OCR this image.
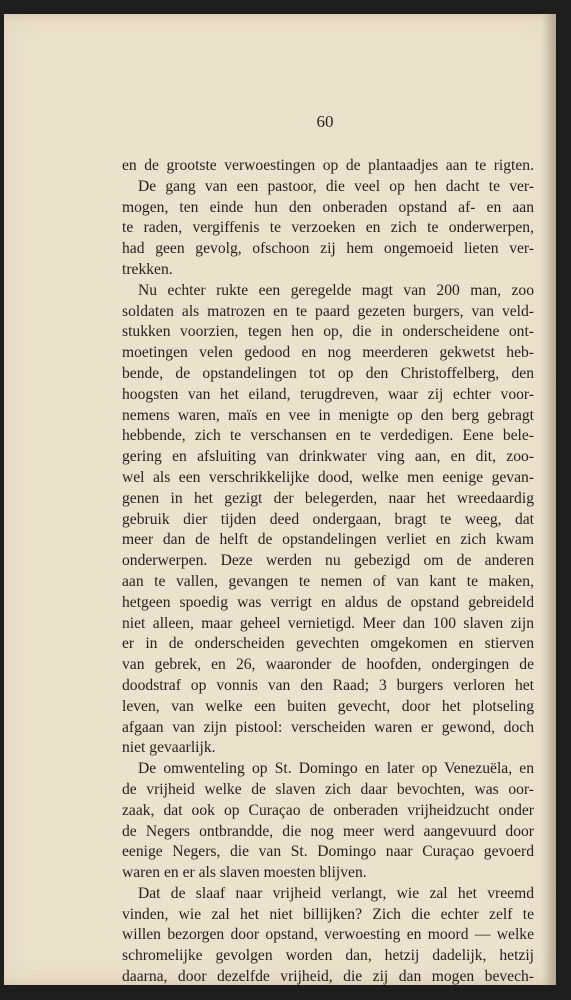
60
en de grootste verwoestingen op de plantaadjes aan te rigten.
De gang van een pastoor, die veel op hen dacht te ver-
mogen, ten einde hun den onberaden opstand af- en aan
te raden, vergiffenis te verzoeken en zich te onderwerpen,
had geen gevolg, ofschoon zij hem ongemoeid lieten ver-
trekken.
Nu echter rukte een geregelde magt van 200 man, zoo
soldaten als matrozen en te paard gezeten burgers, van veld-
stukken voorzien, tegen hen op, die in onderscheidene ont-
moetingen velen gedood en nog meerderen gekwetst heb-
bende, de opstandelingen tot op den Christoffelberg, den
hoogsten van het eiland, terugdreven, waar zij echter voor-
nemens waren, maïs en vee in menigte op den berg gebragt
hebbende, zich te verschansen en te verdedigen. Eene bele-
gering en afsluiting van drinkwater ving aan, en dit, zoo-
wel als een verschrikkelijke dood, welke men eenige gevan-
genen in het gezigt der belegerden, naar het wreedaardig
gebruik dier tijden deed ondergaan, bragt te weeg, dat
meer dan de helft de opstandelingen verliet en zich kwam
onderwerpen. Deze werden nu gebezigd om de anderen
aan te vallen, gevangen te nemen of van kant te maken,
hetgeen spoedig was verrigt en aldus de opstand gebreideld
niet alleen, maar geheel vernietigd. Meer dan 100 slaven zijn
er in de onderscheiden gevechten omgekomen en stierven
van gebrek, en 26, waaronder de hoofden, ondergingen de
doodstraf op vonnis van den Raad; 3 burgers verloren het
leven, van welke een buiten gevecht, door het plotseling
afgaan van zijn pistool: verscheiden waren er gewond, doch
niet gevaarlijk.
De omwenteling op St. Domingo en later op Venezuëla, en
de vrijheid welke de slaven zich daar bevochten, was oor-
zaak, dat ook op Curaçao de onberaden vrijheidzucht onder
de Negers ontbrandde, die nog meer werd aangevuurd door
eenige Negers, die van St. Domingo naar Curaçao gevoerd
waren en er als slaven moesten blijven.
Dat de slaaf naar vrijheid verlangt, wie zal het vreemd
vinden, wie zal het niet billijken? Zich die echter zelf te
willen bezorgen door opstand, verwoesting en moord — welke
schromelijke gevolgen worden dan, hetzij dadelijk, hetzij
daarna, door dezelfde vrijheid, die zij dan mogen bevech-
